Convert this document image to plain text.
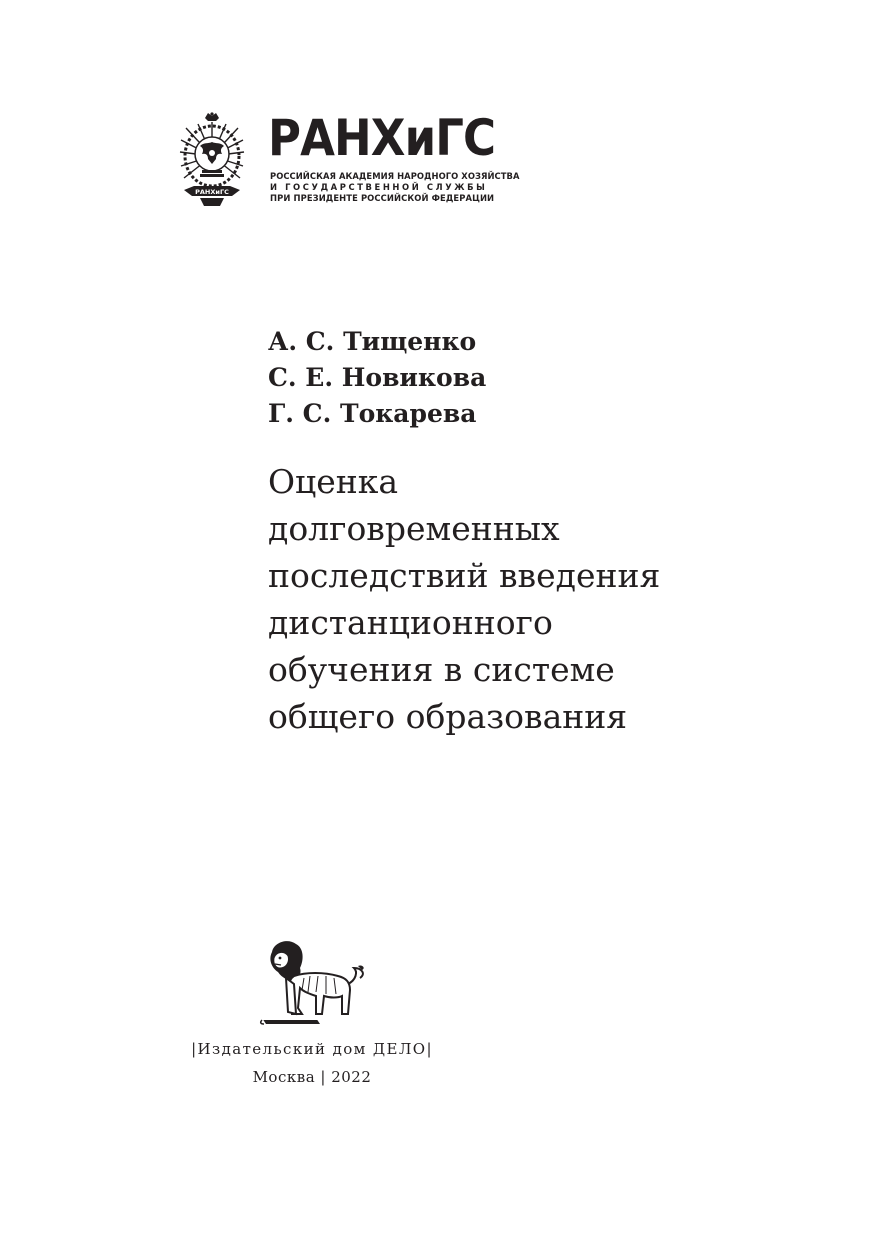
РАНХиГС
РАНХиГС
РОССИЙСКАЯ АКАДЕМИЯ НАРОДНОГО ХОЗЯЙСТВА
И ГОСУДАРСТВЕННОЙ СЛУЖБЫ
ПРИ ПРЕЗИДЕНТЕ РОССИЙСКОЙ ФЕДЕРАЦИИ
А. С. Тищенко
С. Е. Новикова
Г. С. Токарева
Оценка
долговременных
последствий введения
дистанционного
обучения в системе
общего образования
|Издательский дом ДЕЛО|
Москва | 2022
